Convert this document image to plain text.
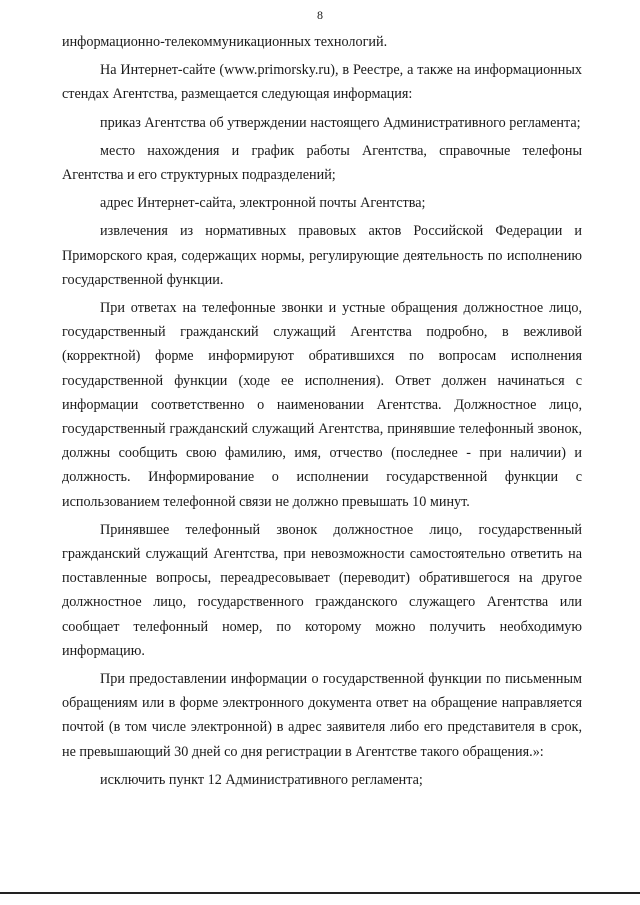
8

информационно-телекоммуникационных технологий.

На Интернет-сайте (www.primorsky.ru), в Реестре, а также на информационных стендах Агентства, размещается следующая информация:

приказ Агентства об утверждении настоящего Административного регламента;

место нахождения и график работы Агентства, справочные телефоны Агентства и его структурных подразделений;

адрес Интернет-сайта, электронной почты Агентства;

извлечения из нормативных правовых актов Российской Федерации и Приморского края, содержащих нормы, регулирующие деятельность по исполнению государственной функции.

При ответах на телефонные звонки и устные обращения должностное лицо, государственный гражданский служащий Агентства подробно, в вежливой (корректной) форме информируют обратившихся по вопросам исполнения государственной функции (ходе ее исполнения). Ответ должен начинаться с информации соответственно о наименовании Агентства. Должностное лицо, государственный гражданский служащий Агентства, принявшие телефонный звонок, должны сообщить свою фамилию, имя, отчество (последнее - при наличии) и должность. Информирование о исполнении государственной функции с использованием телефонной связи не должно превышать 10 минут.

Принявшее телефонный звонок должностное лицо, государственный гражданский служащий Агентства, при невозможности самостоятельно ответить на поставленные вопросы, переадресовывает (переводит) обратившегося на другое должностное лицо, государственного гражданского служащего Агентства или сообщает телефонный номер, по которому можно получить необходимую информацию.

При предоставлении информации о государственной функции по письменным обращениям или в форме электронного документа ответ на обращение направляется почтой (в том числе электронной) в адрес заявителя либо его представителя в срок, не превышающий 30 дней со дня регистрации в Агентстве такого обращения.»:

исключить пункт 12 Административного регламента;
